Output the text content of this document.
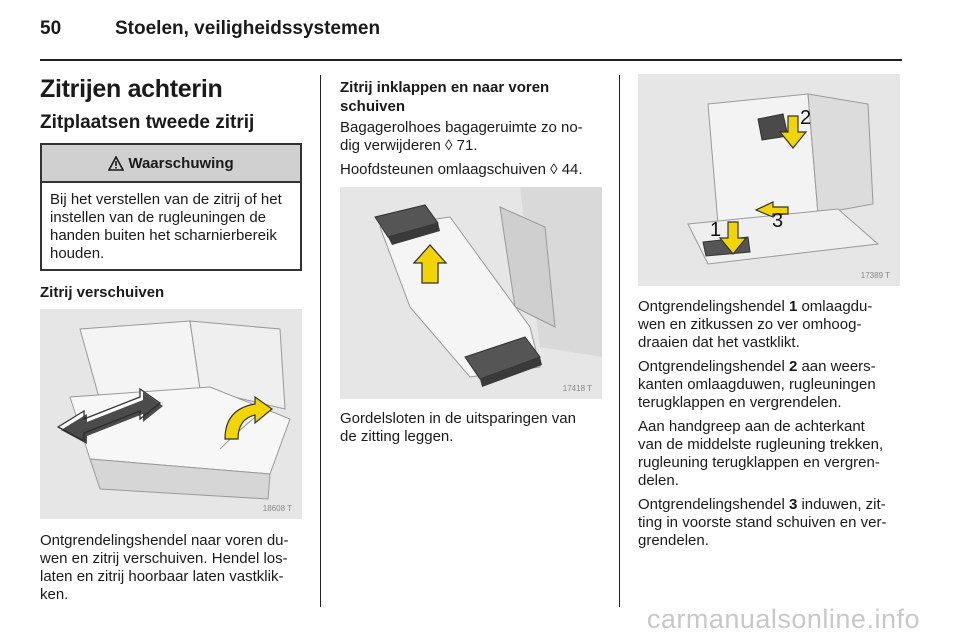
50	Stoelen, veiligheidssystemen
Zitrijen achterin
Zitplaatsen tweede zitrij
Waarschuwing
Bij het verstellen van de zitrij of het instellen van de rugleuningen de handen buiten het scharnierbereik houden.
Zitrij verschuiven
18608 T

Ontgrendelingshendel naar voren du-

wen en zitrij verschuiven. Hendel los-

laten en zitrij hoorbaar laten vastklik-

ken.

Zitrij inklappen en naar voren
schuiven

Bagagerolhoes bagageruimte zo no-

dig verwijderen ◊ 71.

Hoofdsteunen omlaagschuiven ◊ 44.

17418 T

Gordelsloten in de uitsparingen van

de zitting leggen.

2
3
1
17389 T

Ontgrendelingshendel 1 omlaagdu-

wen en zitkussen zo ver omhoog-

draaien dat het vastklikt.

Ontgrendelingshendel 2 aan weers-

kanten omlaagduwen, rugleuningen

terugklappen en vergrendelen.

Aan handgreep aan de achterkant

van de middelste rugleuning trekken,

rugleuning terugklappen en vergren-

delen.

Ontgrendelingshendel 3 induwen, zit-

ting in voorste stand schuiven en ver-

grendelen.

carmanualsonline.info
